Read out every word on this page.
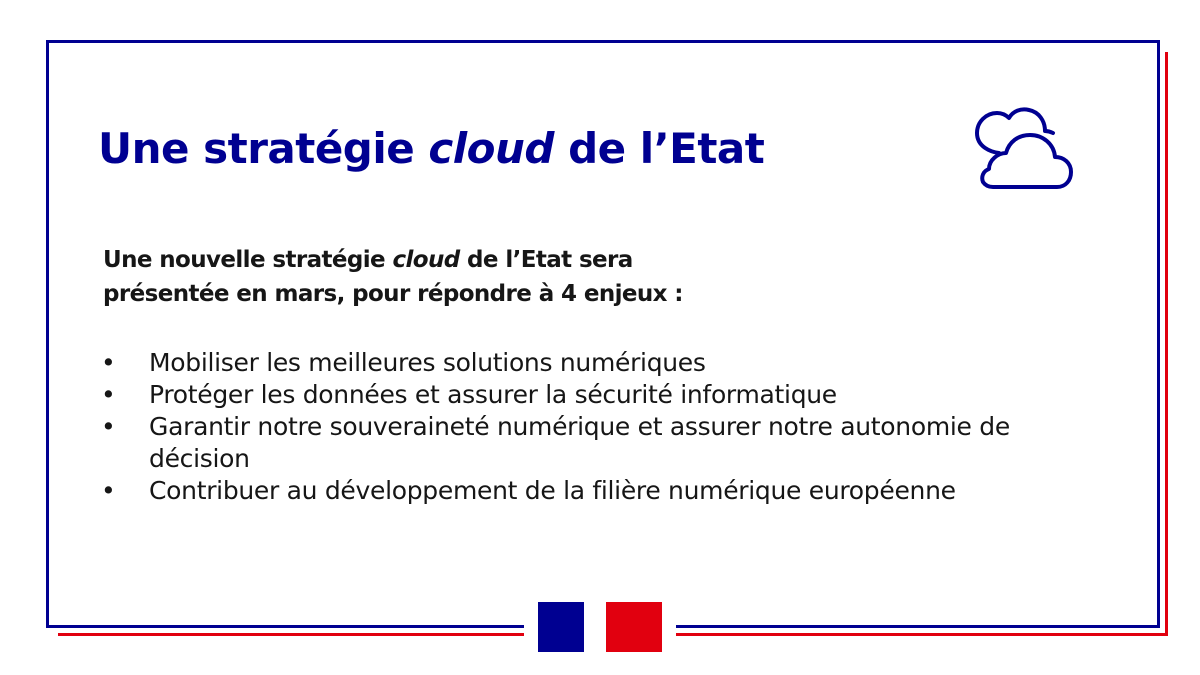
Une stratégie cloud de l’Etat

Une nouvelle stratégie cloud de l’Etat sera
présentée en mars, pour répondre à 4 enjeux :

• Mobiliser les meilleures solutions numériques
• Protéger les données et assurer la sécurité informatique
• Garantir notre souveraineté numérique et assurer notre autonomie de décision
• Contribuer au développement de la filière numérique européenne
